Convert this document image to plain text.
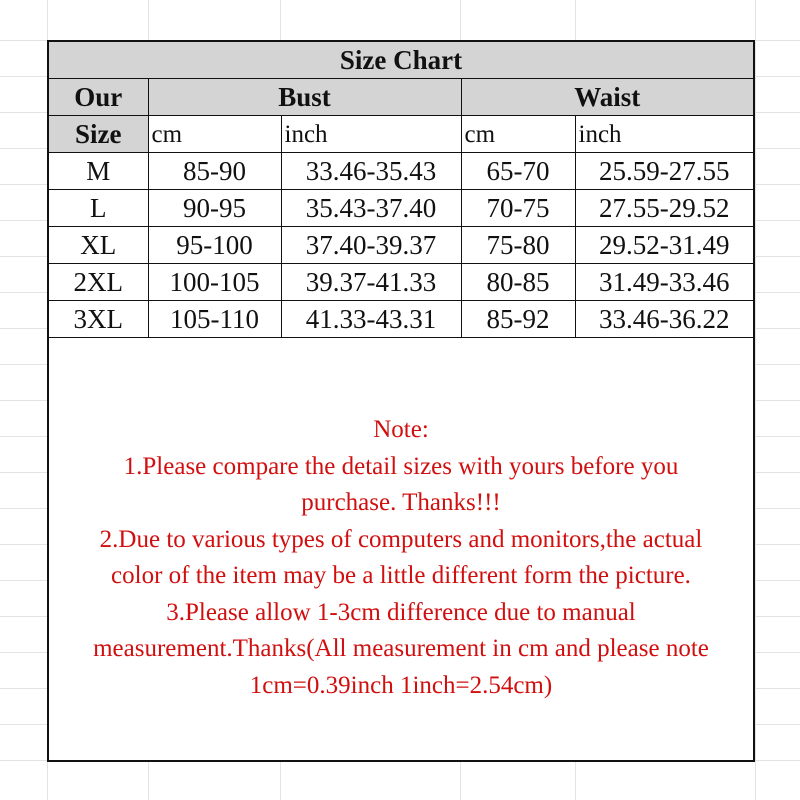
Size Chart				
Our	Bust		Waist	
Size	cm	inch	cm	inch
M	85-90	33.46-35.43	65-70	25.59-27.55
L	90-95	35.43-37.40	70-75	27.55-29.52
XL	95-100	37.40-39.37	75-80	29.52-31.49
2XL	100-105	39.37-41.33	80-85	31.49-33.46
3XL	105-110	41.33-43.31	85-92	33.46-36.22
Note:
1.Please compare the detail sizes with yours before you
purchase. Thanks!!!
2.Due to various types of computers and monitors,the actual
color of the item may be a little different form the picture.
3.Please allow 1-3cm difference due to manual
measurement.Thanks(All measurement in cm and please note
1cm=0.39inch 1inch=2.54cm)
